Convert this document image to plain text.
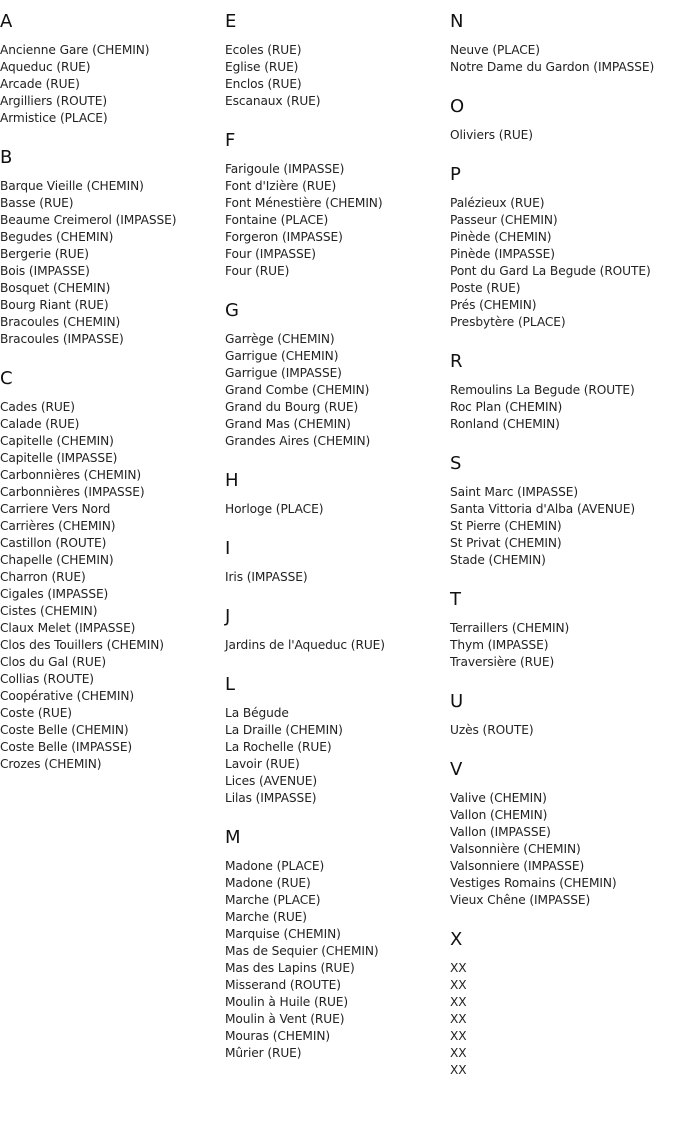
A
Ancienne Gare (CHEMIN)
Aqueduc (RUE)
Arcade (RUE)
Argilliers (ROUTE)
Armistice (PLACE)
B
Barque Vieille (CHEMIN)
Basse (RUE)
Beaume Creimerol (IMPASSE)
Begudes (CHEMIN)
Bergerie (RUE)
Bois (IMPASSE)
Bosquet (CHEMIN)
Bourg Riant (RUE)
Bracoules (CHEMIN)
Bracoules (IMPASSE)
C
Cades (RUE)
Calade (RUE)
Capitelle (CHEMIN)
Capitelle (IMPASSE)
Carbonnières (CHEMIN)
Carbonnières (IMPASSE)
Carriere Vers Nord
Carrières (CHEMIN)
Castillon (ROUTE)
Chapelle (CHEMIN)
Charron (RUE)
Cigales (IMPASSE)
Cistes (CHEMIN)
Claux Melet (IMPASSE)
Clos des Touillers (CHEMIN)
Clos du Gal (RUE)
Collias (ROUTE)
Coopérative (CHEMIN)
Coste (RUE)
Coste Belle (CHEMIN)
Coste Belle (IMPASSE)
Crozes (CHEMIN)
E
Ecoles (RUE)
Eglise (RUE)
Enclos (RUE)
Escanaux (RUE)
F
Farigoule (IMPASSE)
Font d'Izière (RUE)
Font Ménestière (CHEMIN)
Fontaine (PLACE)
Forgeron (IMPASSE)
Four (IMPASSE)
Four (RUE)
G
Garrège (CHEMIN)
Garrigue (CHEMIN)
Garrigue (IMPASSE)
Grand Combe (CHEMIN)
Grand du Bourg (RUE)
Grand Mas (CHEMIN)
Grandes Aires (CHEMIN)
H
Horloge (PLACE)
I
Iris (IMPASSE)
J
Jardins de l'Aqueduc (RUE)
L
La Bégude
La Draille (CHEMIN)
La Rochelle (RUE)
Lavoir (RUE)
Lices (AVENUE)
Lilas (IMPASSE)
M
Madone (PLACE)
Madone (RUE)
Marche (PLACE)
Marche (RUE)
Marquise (CHEMIN)
Mas de Sequier (CHEMIN)
Mas des Lapins (RUE)
Misserand (ROUTE)
Moulin à Huile (RUE)
Moulin à Vent (RUE)
Mouras (CHEMIN)
Mûrier (RUE)
N
Neuve (PLACE)
Notre Dame du Gardon (IMPASSE)
O
Oliviers (RUE)
P
Palézieux (RUE)
Passeur (CHEMIN)
Pinède (CHEMIN)
Pinède (IMPASSE)
Pont du Gard La Begude (ROUTE)
Poste (RUE)
Prés (CHEMIN)
Presbytère (PLACE)
R
Remoulins La Begude (ROUTE)
Roc Plan (CHEMIN)
Ronland (CHEMIN)
S
Saint Marc (IMPASSE)
Santa Vittoria d'Alba (AVENUE)
St Pierre (CHEMIN)
St Privat (CHEMIN)
Stade (CHEMIN)
T
Terraillers (CHEMIN)
Thym (IMPASSE)
Traversière (RUE)
U
Uzès (ROUTE)
V
Valive (CHEMIN)
Vallon (CHEMIN)
Vallon (IMPASSE)
Valsonnière (CHEMIN)
Valsonniere (IMPASSE)
Vestiges Romains (CHEMIN)
Vieux Chêne (IMPASSE)
X
XX
XX
XX
XX
XX
XX
XX
